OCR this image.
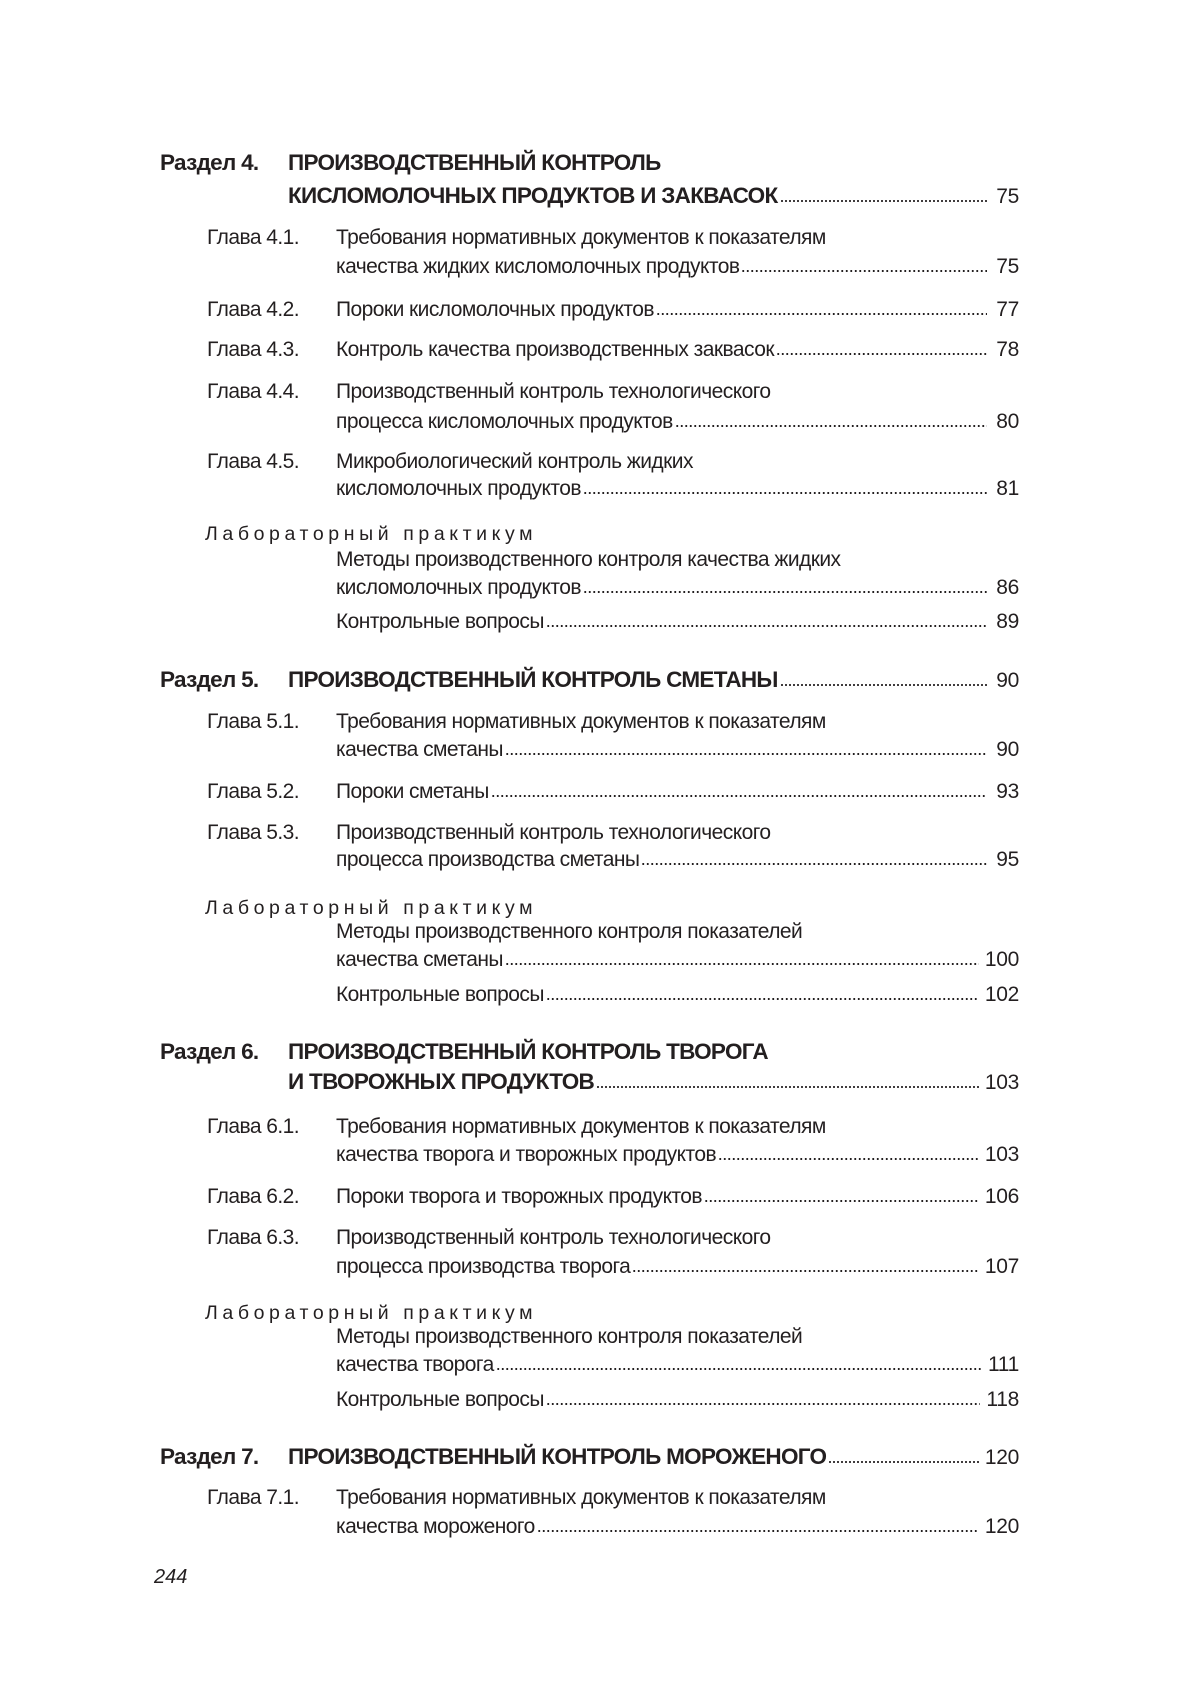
Раздел 4. ПРОИЗВОДСТВЕННЫЙ КОНТРОЛЬ
КИСЛОМОЛОЧНЫХ ПРОДУКТОВ И ЗАКВАСОК	75
Глава 4.1. Требования нормативных документов к показателям
качества жидких кисломолочных продуктов	75
Глава 4.2. Пороки кисломолочных продуктов	77
Глава 4.3. Контроль качества производственных заквасок	78
Глава 4.4. Производственный контроль технологического
процесса кисломолочных продуктов	80
Глава 4.5. Микробиологический контроль жидких
кисломолочных продуктов	81
Лабораторный практикум
Методы производственного контроля качества жидких
кисломолочных продуктов	86
Контрольные вопросы	89
Раздел 5. ПРОИЗВОДСТВЕННЫЙ КОНТРОЛЬ СМЕТАНЫ	90
Глава 5.1. Требования нормативных документов к показателям
качества сметаны	90
Глава 5.2. Пороки сметаны	93
Глава 5.3. Производственный контроль технологического
процесса производства сметаны	95
Лабораторный практикум
Методы производственного контроля показателей
качества сметаны	100
Контрольные вопросы	102
Раздел 6. ПРОИЗВОДСТВЕННЫЙ КОНТРОЛЬ ТВОРОГА
И ТВОРОЖНЫХ ПРОДУКТОВ	103
Глава 6.1. Требования нормативных документов к показателям
качества творога и творожных продуктов	103
Глава 6.2. Пороки творога и творожных продуктов	106
Глава 6.3. Производственный контроль технологического
процесса производства творога	107
Лабораторный практикум
Методы производственного контроля показателей
качества творога	111
Контрольные вопросы	118
Раздел 7. ПРОИЗВОДСТВЕННЫЙ КОНТРОЛЬ МОРОЖЕНОГО	120
Глава 7.1. Требования нормативных документов к показателям
качества мороженого	120
244
